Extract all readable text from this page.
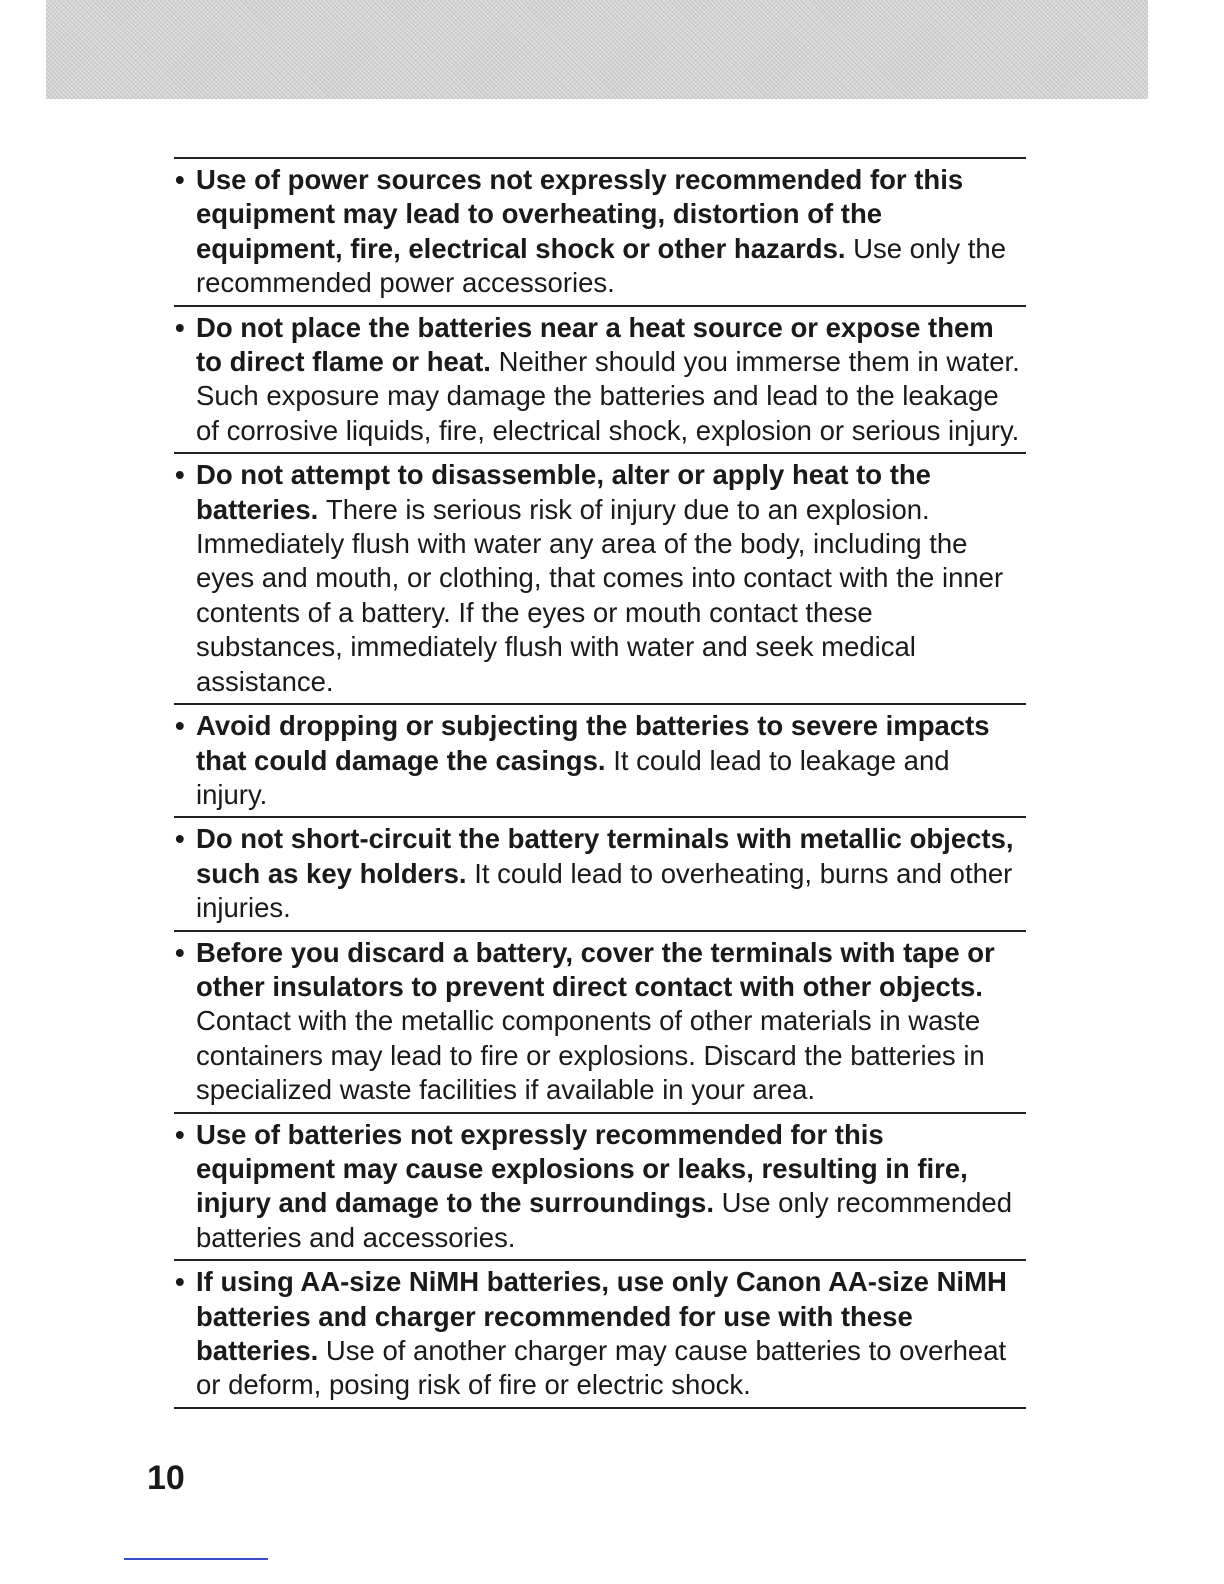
• Use of power sources not expressly recommended for this equipment may lead to overheating, distortion of the equipment, fire, electrical shock or other hazards. Use only the recommended power accessories.
• Do not place the batteries near a heat source or expose them to direct flame or heat. Neither should you immerse them in water. Such exposure may damage the batteries and lead to the leakage of corrosive liquids, fire, electrical shock, explosion or serious injury.
• Do not attempt to disassemble, alter or apply heat to the batteries. There is serious risk of injury due to an explosion. Immediately flush with water any area of the body, including the eyes and mouth, or clothing, that comes into contact with the inner contents of a battery. If the eyes or mouth contact these substances, immediately flush with water and seek medical assistance.
• Avoid dropping or subjecting the batteries to severe impacts that could damage the casings. It could lead to leakage and injury.
• Do not short-circuit the battery terminals with metallic objects, such as key holders. It could lead to overheating, burns and other injuries.
• Before you discard a battery, cover the terminals with tape or other insulators to prevent direct contact with other objects. Contact with the metallic components of other materials in waste containers may lead to fire or explosions. Discard the batteries in specialized waste facilities if available in your area.
• Use of batteries not expressly recommended for this equipment may cause explosions or leaks, resulting in fire, injury and damage to the surroundings. Use only recommended batteries and accessories.
• If using AA-size NiMH batteries, use only Canon AA-size NiMH batteries and charger recommended for use with these batteries. Use of another charger may cause batteries to overheat or deform, posing risk of fire or electric shock.
10
